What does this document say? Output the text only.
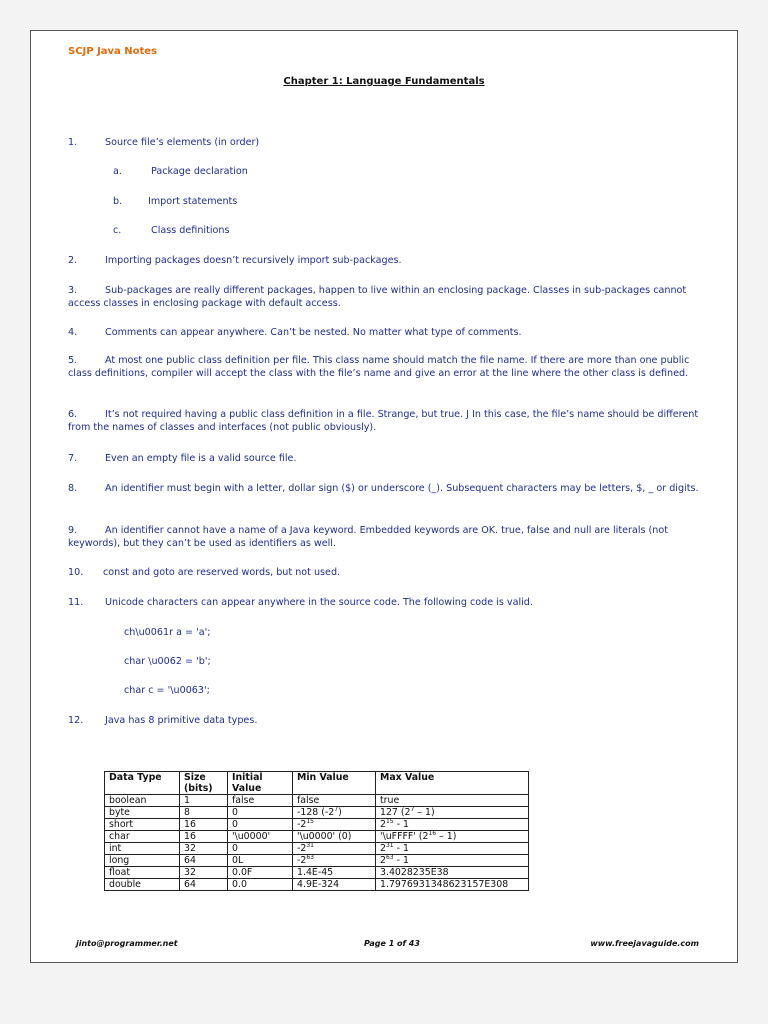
SCJP Java Notes
Chapter 1: Language Fundamentals
1.	Source file’s elements (in order)
a.	Package declaration
b.	Import statements
c.	Class definitions
2.	Importing packages doesn’t recursively import sub-packages.
3.	Sub-packages are really different packages, happen to live within an enclosing package. Classes in sub-packages cannot access classes in enclosing package with default access.
4.	Comments can appear anywhere. Can’t be nested. No matter what type of comments.
5.	At most one public class definition per file. This class name should match the file name. If there are more than one public class definitions, compiler will accept the class with the file’s name and give an error at the line where the other class is defined.
6.	It’s not required having a public class definition in a file. Strange, but true. J In this case, the file’s name should be different from the names of classes and interfaces (not public obviously).
7.	Even an empty file is a valid source file.
8.	An identifier must begin with a letter, dollar sign ($) or underscore (_). Subsequent characters may be letters, $, _ or digits.
9.	An identifier cannot have a name of a Java keyword. Embedded keywords are OK. true, false and null are literals (not keywords), but they can’t be used as identifiers as well.
10.	const and goto are reserved words, but not used.
11.	Unicode characters can appear anywhere in the source code. The following code is valid.
ch\u0061r a = 'a';
char \u0062 = 'b';
char c = '\u0063';
12.	Java has 8 primitive data types.
Data Type	Size (bits)	Initial Value	Min Value	Max Value
boolean	1	false	false	true
byte	8	0	-128 $(-2^7)$	127 $(2^7 - 1)$
short	16	0	$-2^{15}$	$2^{15} - 1$
char	16	'\u0000'	'\u0000' (0)	'\uFFFF' $(2^{16} - 1)$
int	32	0	$-2^{31}$	$2^{31} - 1$
long	64	0L	$-2^{63}$	$2^{63} - 1$
float	32	0.0F	1.4E-45	3.4028235E38
double	64	0.0	4.9E-324	1.7976931348623157E308
jinto@programmer.net	Page 1 of 43	www.freejavaguide.com
